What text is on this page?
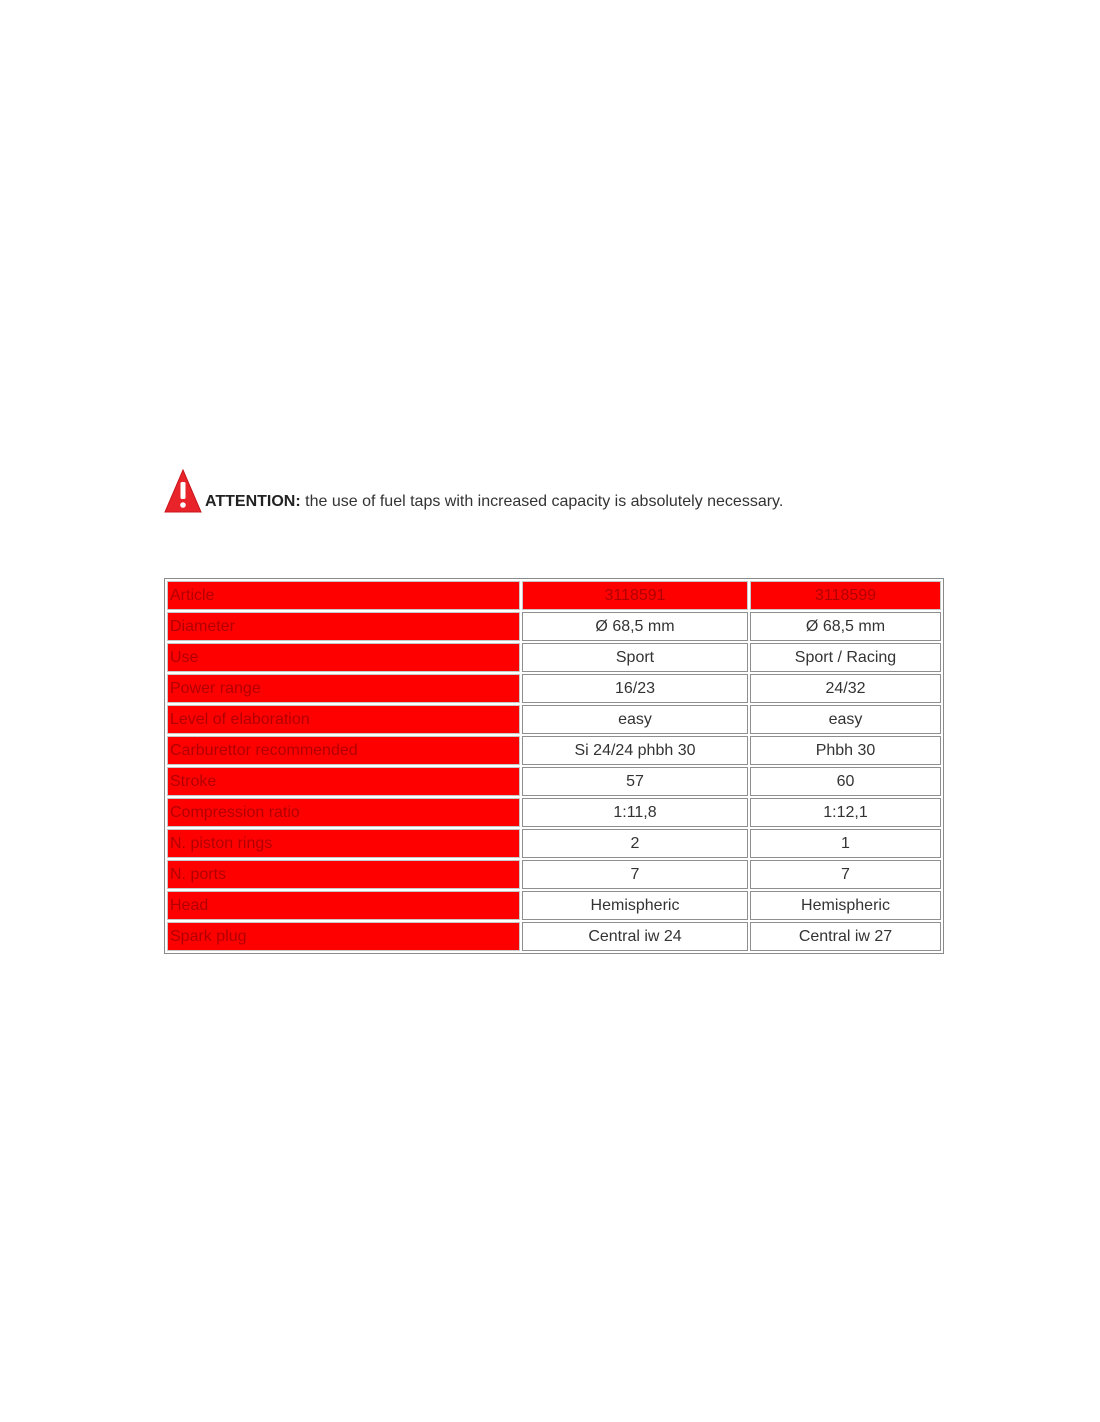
ATTENTION: the use of fuel taps with increased capacity is absolutely necessary.
Article	3118591	3118599
Diameter	Ø 68,5 mm	Ø 68,5 mm
Use	Sport	Sport / Racing
Power range	16/23	24/32
Level of elaboration	easy	easy
Carburettor recommended	Si 24/24 phbh 30	Phbh 30
Stroke	57	60
Compression ratio	1:11,8	1:12,1
N. piston rings	2	1
N. ports	7	7
Head	Hemispheric	Hemispheric
Spark plug	Central iw 24	Central iw 27
